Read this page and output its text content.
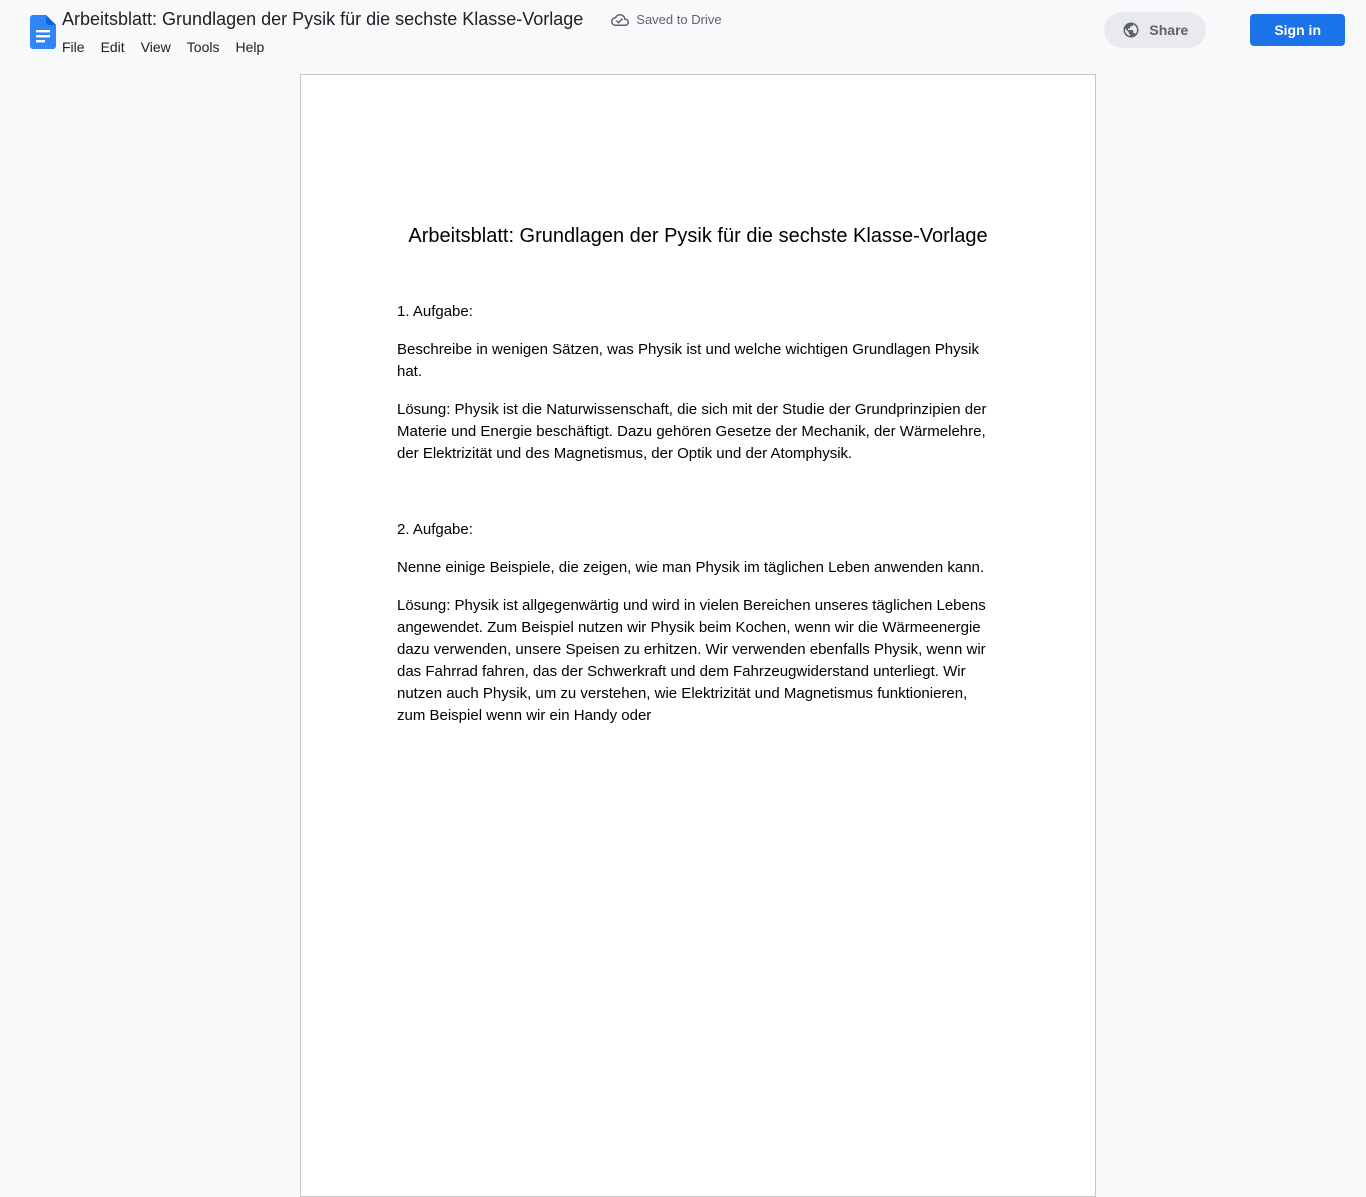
Arbeitsblatt: Grundlagen der Pysik für die sechste Klasse-Vorlage	Saved to Drive
File	Edit	View	Tools	Help
Share	Sign in
Arbeitsblatt: Grundlagen der Pysik für die sechste Klasse-Vorlage

1. Aufgabe:

Beschreibe in wenigen Sätzen, was Physik ist und welche wichtigen Grundlagen Physik hat.

Lösung: Physik ist die Naturwissenschaft, die sich mit der Studie der Grundprinzipien der Materie und Energie beschäftigt. Dazu gehören Gesetze der Mechanik, der Wärmelehre, der Elektrizität und des Magnetismus, der Optik und der Atomphysik.

2. Aufgabe:

Nenne einige Beispiele, die zeigen, wie man Physik im täglichen Leben anwenden kann.

Lösung: Physik ist allgegenwärtig und wird in vielen Bereichen unseres täglichen Lebens angewendet. Zum Beispiel nutzen wir Physik beim Kochen, wenn wir die Wärmeenergie dazu verwenden, unsere Speisen zu erhitzen. Wir verwenden ebenfalls Physik, wenn wir das Fahrrad fahren, das der Schwerkraft und dem Fahrzeugwiderstand unterliegt. Wir nutzen auch Physik, um zu verstehen, wie Elektrizität und Magnetismus funktionieren, zum Beispiel wenn wir ein Handy oder
